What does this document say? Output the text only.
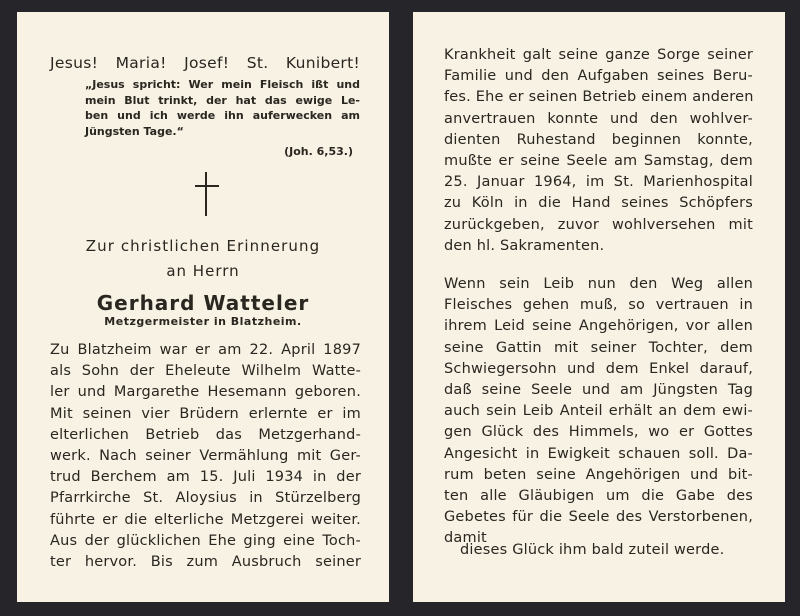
Jesus! Maria! Josef! St. Kunibert!
„Jesus spricht: Wer mein Fleisch ißt und
mein Blut trinkt, der hat das ewige Le-
ben und ich werde ihn auferwecken am
Jüngsten Tage.“
(Joh. 6,53.)
Zur christlichen Erinnerung
an Herrn
Gerhard Watteler
Metzgermeister in Blatzheim.
Zu Blatzheim war er am 22. April 1897
als Sohn der Eheleute Wilhelm Watte-
ler und Margarethe Hesemann geboren.
Mit seinen vier Brüdern erlernte er im
elterlichen Betrieb das Metzgerhand-
werk. Nach seiner Vermählung mit Ger-
trud Berchem am 15. Juli 1934 in der
Pfarrkirche St. Aloysius in Stürzelberg
führte er die elterliche Metzgerei weiter.
Aus der glücklichen Ehe ging eine Toch-
ter hervor. Bis zum Ausbruch seiner
Krankheit galt seine ganze Sorge seiner
Familie und den Aufgaben seines Beru-
fes. Ehe er seinen Betrieb einem anderen
anvertrauen konnte und den wohlver-
dienten Ruhestand beginnen konnte,
mußte er seine Seele am Samstag, dem
25. Januar 1964, im St. Marienhospital
zu Köln in die Hand seines Schöpfers
zurückgeben, zuvor wohlversehen mit
den hl. Sakramenten.
Wenn sein Leib nun den Weg allen
Fleisches gehen muß, so vertrauen in
ihrem Leid seine Angehörigen, vor allen
seine Gattin mit seiner Tochter, dem
Schwiegersohn und dem Enkel darauf,
daß seine Seele und am Jüngsten Tag
auch sein Leib Anteil erhält an dem ewi-
gen Glück des Himmels, wo er Gottes
Angesicht in Ewigkeit schauen soll. Da-
rum beten seine Angehörigen und bit-
ten alle Gläubigen um die Gabe des
Gebetes für die Seele des Verstorbenen,
damit
dieses Glück ihm bald zuteil werde.
